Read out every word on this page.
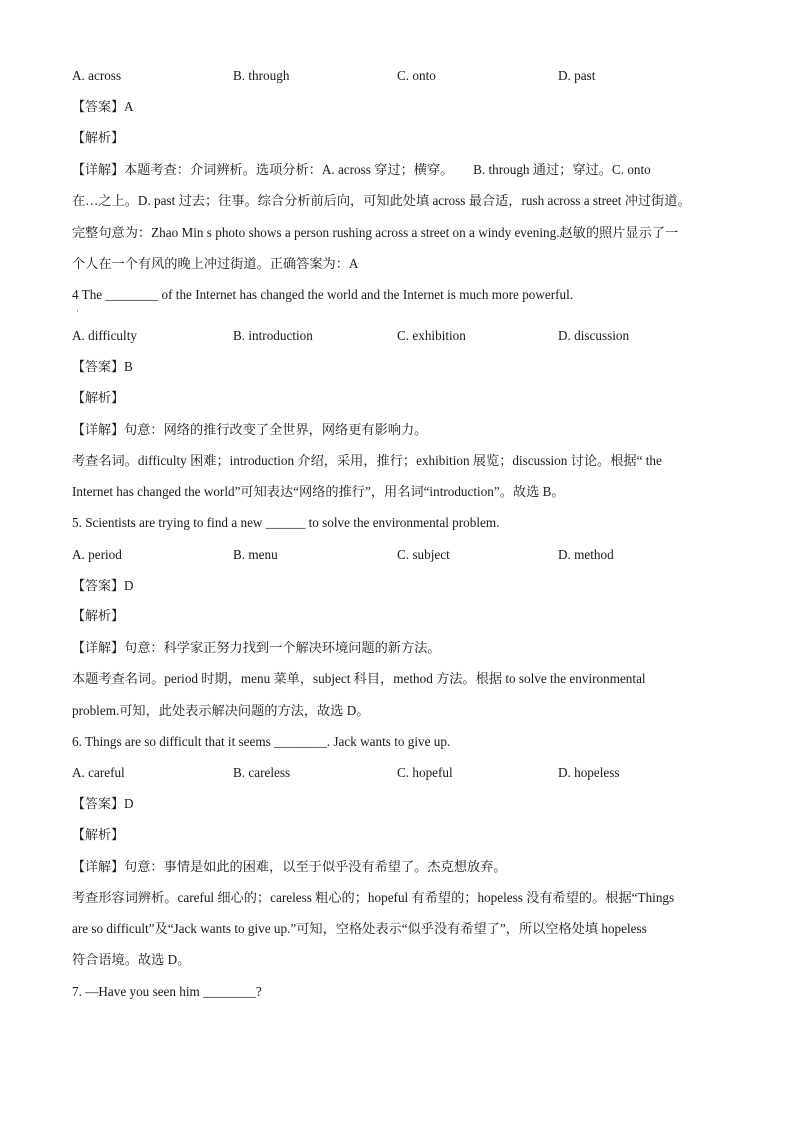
A. across	B. through	C. onto	D. past
【答案】A
【解析】
【详解】本题考查：介词辨析。选项分析：A. across 穿过；横穿。　　B. through 通过；穿过。C. onto
在…之上。D. past 过去；往事。综合分析前后向，可知此处填 across 最合适，rush across a street 冲过街道。
完整句意为：Zhao Min s photo shows a person rushing across a street on a windy evening.赵敏的照片显示了一
个人在一个有风的晚上冲过街道。正确答案为：A
4 The ________ of the Internet has changed the world and the Internet is much more powerful.
·
A. difficulty	B. introduction	C. exhibition	D. discussion
【答案】B
【解析】
【详解】句意：网络的推行改变了全世界，网络更有影响力。
考查名词。difficulty 困难；introduction 介绍，采用，推行；exhibition 展览；discussion 讨论。根据“ the
Internet has changed the world”可知表达“网络的推行”，用名词“introduction”。故选 B。
5. Scientists are trying to find a new ______ to solve the environmental problem.
A. period	B. menu	C. subject	D. method
【答案】D
【解析】
【详解】句意：科学家正努力找到一个解决环境问题的新方法。
本题考查名词。period 时期，menu 菜单，subject 科目，method 方法。根据 to solve the environmental
problem.可知，此处表示解决问题的方法，故选 D。
6. Things are so difficult that it seems ________. Jack wants to give up.
A. careful	B. careless	C. hopeful	D. hopeless
【答案】D
【解析】
【详解】句意：事情是如此的困难，以至于似乎没有希望了。杰克想放弃。
考查形容词辨析。careful 细心的；careless 粗心的；hopeful 有希望的；hopeless 没有希望的。根据“Things
are so difficult”及“Jack wants to give up.”可知，空格处表示“似乎没有希望了”，所以空格处填 hopeless
符合语境。故选 D。
7. —Have you seen him ________?
